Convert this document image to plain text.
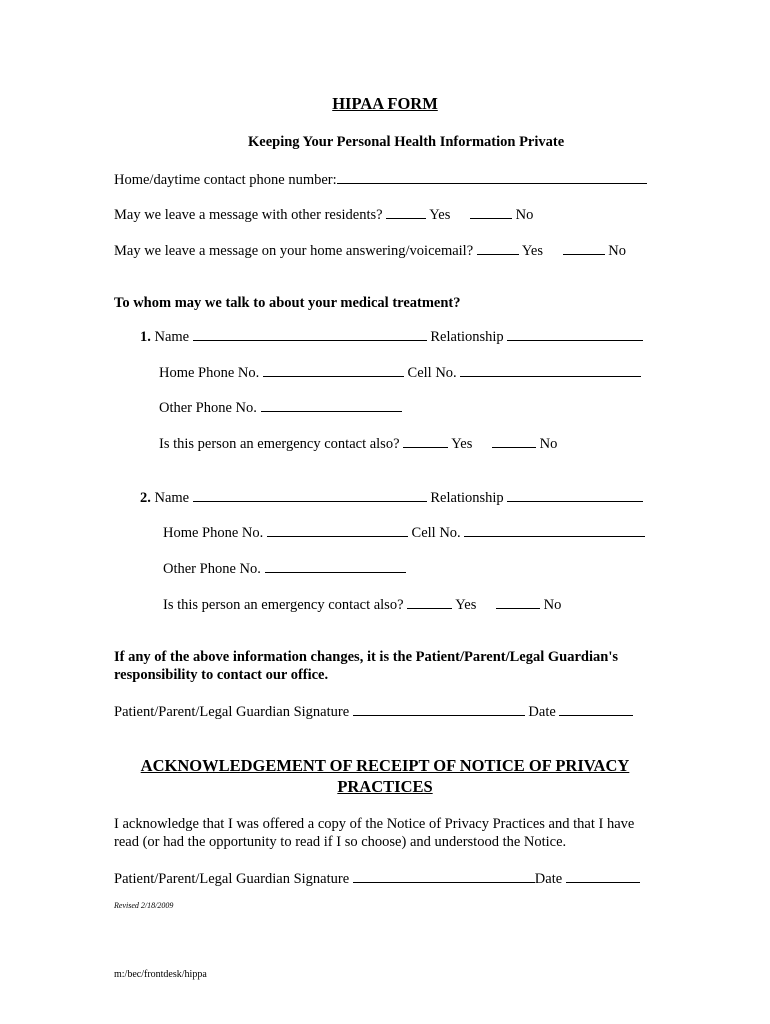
HIPAA FORM
Keeping Your Personal Health Information Private
Home/daytime contact phone number:
May we leave a message with other residents?	Yes	No
May we leave a message on your home answering/voicemail?	Yes	No
To whom may we talk to about your medical treatment?
1. Name	Relationship
Home Phone No.	Cell No.
Other Phone No.
Is this person an emergency contact also?	Yes	No
2. Name	Relationship
Home Phone No.	Cell No.
Other Phone No.
Is this person an emergency contact also?	Yes	No
If any of the above information changes, it is the Patient/Parent/Legal Guardian's
responsibility to contact our office.
Patient/Parent/Legal Guardian Signature	Date
ACKNOWLEDGEMENT OF RECEIPT OF NOTICE OF PRIVACY
PRACTICES
I acknowledge that I was offered a copy of the Notice of Privacy Practices and that I have
read (or had the opportunity to read if I so choose) and understood the Notice.
Patient/Parent/Legal Guardian Signature	Date
Revised 2/18/2009
m:/bec/frontdesk/hippa
